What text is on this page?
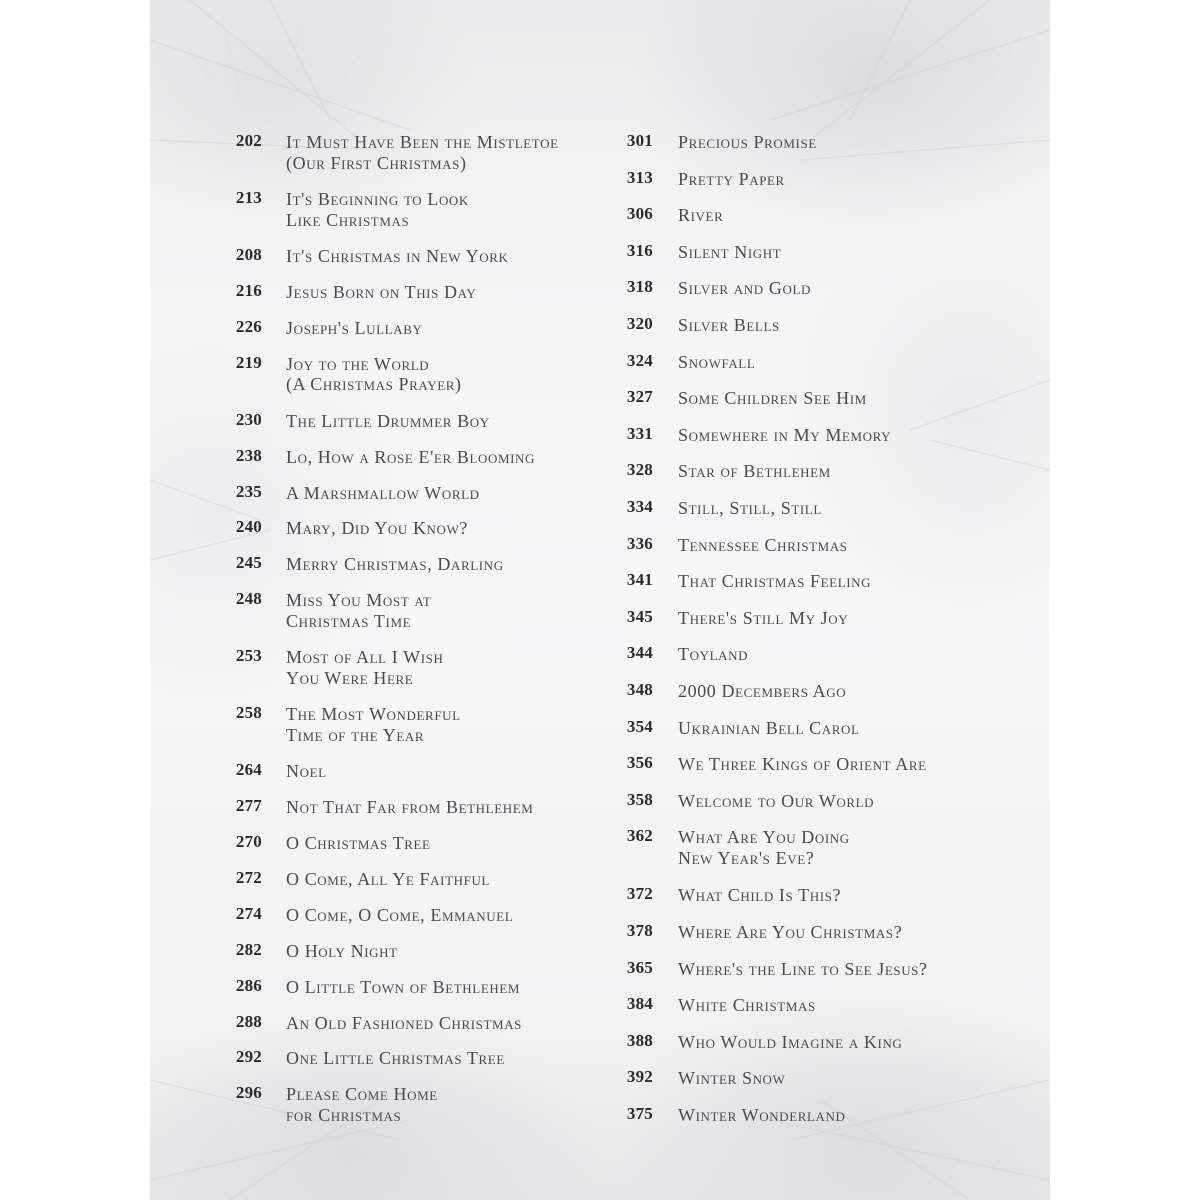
202 It Must Have Been the Mistletoe
(Our First Christmas)
213 It's Beginning to Look
Like Christmas
208 It's Christmas in New York
216 Jesus Born on This Day
226 Joseph's Lullaby
219 Joy to the World
(A Christmas Prayer)
230 The Little Drummer Boy
238 Lo, How a Rose E'er Blooming
235 A Marshmallow World
240 Mary, Did You Know?
245 Merry Christmas, Darling
248 Miss You Most at
Christmas Time
253 Most of All I Wish
You Were Here
258 The Most Wonderful
Time of the Year
264 Noel
277 Not That Far from Bethlehem
270 O Christmas Tree
272 O Come, All Ye Faithful
274 O Come, O Come, Emmanuel
282 O Holy Night
286 O Little Town of Bethlehem
288 An Old Fashioned Christmas
292 One Little Christmas Tree
296 Please Come Home
for Christmas
301 Precious Promise
313 Pretty Paper
306 River
316 Silent Night
318 Silver and Gold
320 Silver Bells
324 Snowfall
327 Some Children See Him
331 Somewhere in My Memory
328 Star of Bethlehem
334 Still, Still, Still
336 Tennessee Christmas
341 That Christmas Feeling
345 There's Still My Joy
344 Toyland
348 2000 Decembers Ago
354 Ukrainian Bell Carol
356 We Three Kings of Orient Are
358 Welcome to Our World
362 What Are You Doing
New Year's Eve?
372 What Child Is This?
378 Where Are You Christmas?
365 Where's the Line to See Jesus?
384 White Christmas
388 Who Would Imagine a King
392 Winter Snow
375 Winter Wonderland
